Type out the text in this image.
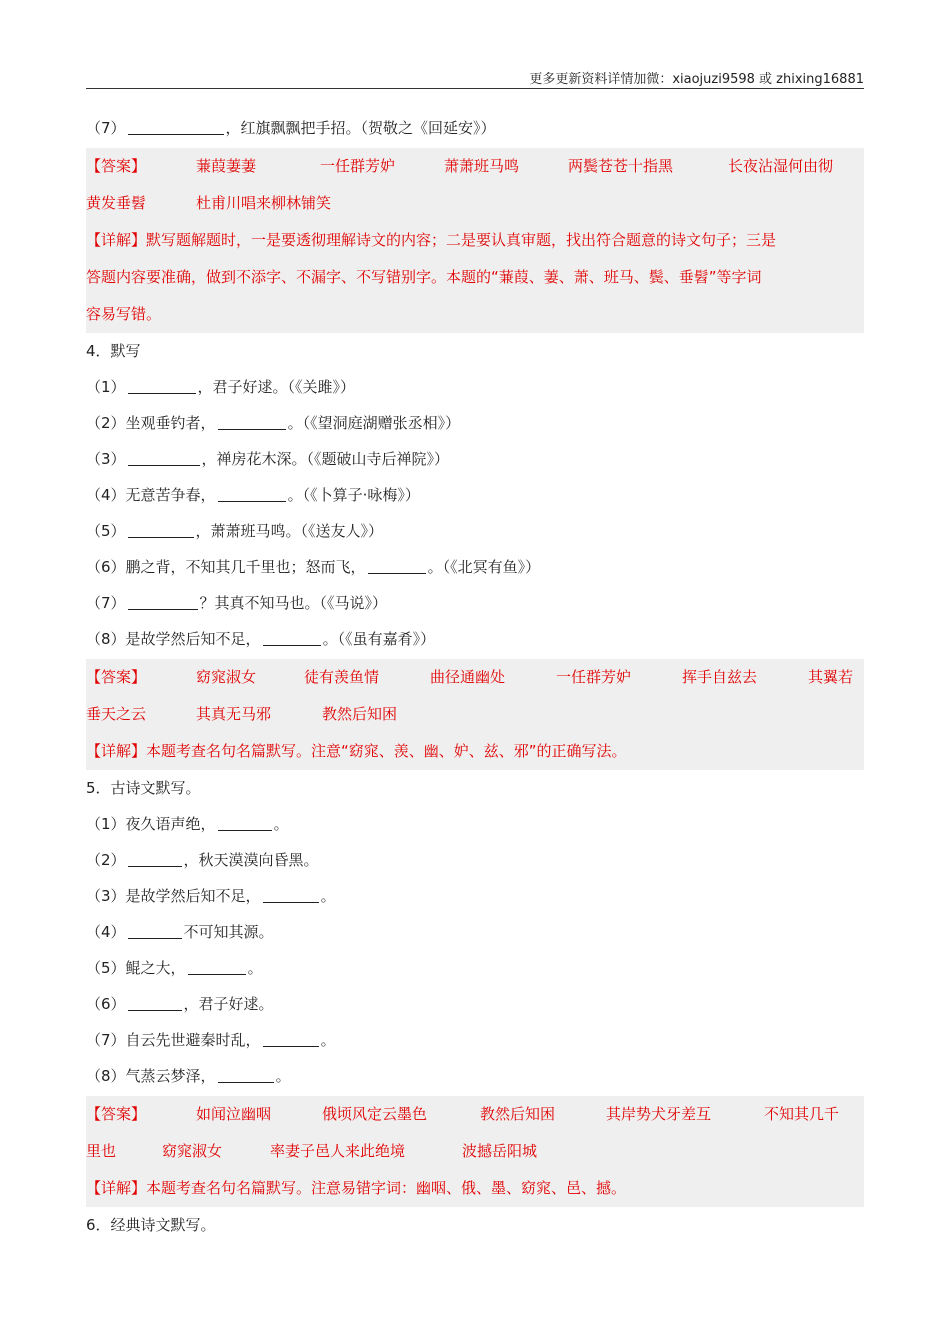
更多更新资料详情加微：xiaojuzi9598 或 zhixing16881
（7）	，红旗飘飘把手招。（贺敬之《回延安》）
【答案】	蒹葭萋萋	一任群芳妒	萧萧班马鸣	两鬓苍苍十指黑	长夜沾湿何由彻
黄发垂髫	杜甫川唱来柳林铺笑
【详解】默写题解题时，一是要透彻理解诗文的内容；二是要认真审题，找出符合题意的诗文句子；三是
答题内容要准确，做到不添字、不漏字、不写错别字。本题的“蒹葭、萋、萧、班马、鬓、垂髫”等字词
容易写错。
4．默写
（1）	，君子好逑。（《关雎》）
（2）坐观垂钓者，	。（《望洞庭湖赠张丞相》）
（3）	，禅房花木深。（《题破山寺后禅院》）
（4）无意苦争春，	。（《卜算子·咏梅》）
（5）	，萧萧班马鸣。（《送友人》）
（6）鹏之背，不知其几千里也；怒而飞，	。（《北冥有鱼》）
（7）	？其真不知马也。（《马说》）
（8）是故学然后知不足，	。（《虽有嘉肴》）
【答案】	窈窕淑女	徒有羡鱼情	曲径通幽处	一任群芳妒	挥手自兹去	其翼若
垂天之云	其真无马邪	教然后知困
【详解】本题考查名句名篇默写。注意“窈窕、羡、幽、妒、兹、邪”的正确写法。
5．古诗文默写。
（1）夜久语声绝，	。
（2）	，秋天漠漠向昏黑。
（3）是故学然后知不足，	。
（4）	不可知其源。
（5）鲲之大，	。
（6）	，君子好逑。
（7）自云先世避秦时乱，	。
（8）气蒸云梦泽，	。
【答案】	如闻泣幽咽	俄顷风定云墨色	教然后知困	其岸势犬牙差互	不知其几千
里也	窈窕淑女	率妻子邑人来此绝境	波撼岳阳城
【详解】本题考查名句名篇默写。注意易错字词：幽咽、俄、墨、窈窕、邑、撼。
6．经典诗文默写。
